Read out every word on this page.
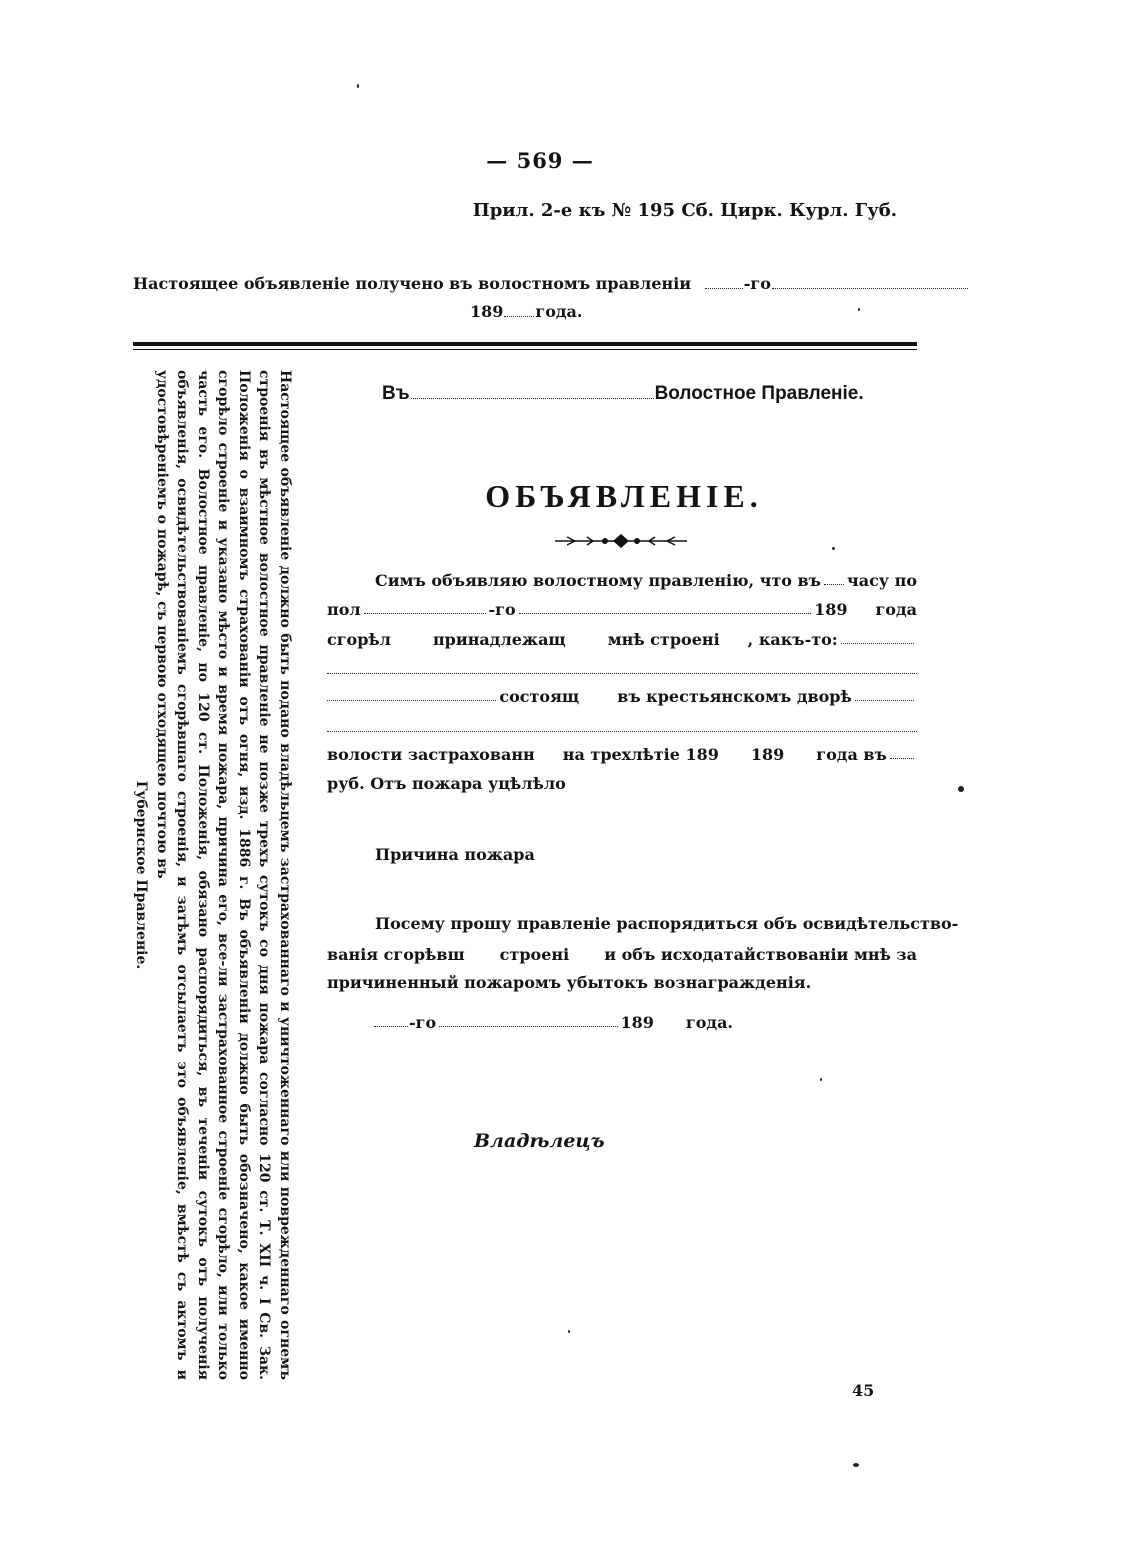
— 569 —
Прил. 2-е къ № 195 Сб. Цирк. Курл. Губ.
Настоящее объявленіе получено въ волостномъ правленіи	-го
189 года.
Настоящее объявленіе должно быть подано владѣльцемъ застрахованнаго и уничтоженнаго или поврежденнаго огнемъ строенія въ мѣстное волостное правленіе не позже трехъ сутокъ со дня пожара согласно 120 ст. Т. XII ч. I Св. Зак. Положенія о взаимномъ страхованіи отъ огня, изд. 1886 г. Въ объявленіи должно быть обозначено, какое именно сгорѣло строеніе и указано мѣсто и время пожара, причина его, все-ли застрахованное строеніе сгорѣло, или только часть его. Волостное правленіе, по 120 ст. Положенія, обязано распорядиться, въ теченіи сутокъ отъ полученія объявленія, освидѣтельствованіемъ сгорѣвшаго строенія, и затѣмъ отсылаетъ это объявленіе, вмѣстѣ съ актомъ и удостовѣреніемъ о пожарѣ, съ первою отходящею почтою въ
Губернское Правленіе.
Въ	Волостное Правленіе.
ОБЪЯВЛЕНІЕ.
Симъ объявляю волостному правленію, что въ часу по
пол	-го	189 года
сгорѣл	принадлежащ	мнѣ строені , какъ-то:
состоящ въ крестьянскомъ дворѣ
волости застрахованн на трехлѣтіе 189 189 года въ
руб. Отъ пожара уцѣлѣло
Причина пожара
Посему прошу правленіе распорядиться объ освидѣтельство-
ванія сгорѣвш строені и объ исходатайствованіи мнѣ за
причиненный пожаромъ убытокъ вознагражденія.
-го	189 года.
Владѣлецъ
45
